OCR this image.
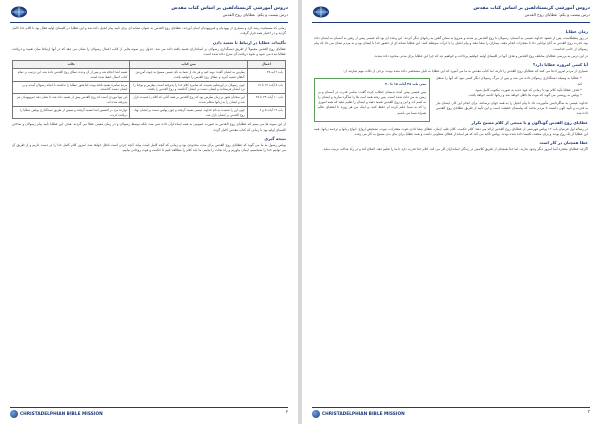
دروس آموزشی کریستادلفین بر اساس کتاب مقدس
درس بیست و یکم: عطایای روح القدس

زمانی که مسیحیت رشد کرد و بسیاری از یهودیان و غیریهودیان ایمان آوردند، عطایای روح القدس به عنوان نشانه ای برای تأیید پیام انجیل داده شد و این عطایا در کلیسای اولیه فعال بود تا کلام خدا کامل گردید و در اختیار همه قرار گرفت.

تأکیدات عطایا در ارتباط با تعمید دادن

عطایای روح القدس معمولاً از طریق دستگذاری رسولان بر ایمانداران تعمید یافته داده می شد. جدول زیر نمونه هایی از کتاب اعمال رسولان را نشان می دهد که در آنها ارتباط میان تعمید و دریافت عطایا دیده می شود و نحوه دریافت آن شرح داده شده است.

اعمال	متن کتاب	نکات
باب ۲ آیه ۳۸	پطرس به ایشان گفت: توبه کنید و هر یک از شما به نام عیسی مسیح به جهت آمرزش گناهان تعمید گیرید و عطای روح القدس را خواهید یافت.	تعمید ابتدا انجام شد و پس از آن وعده عطای روح القدس داده شد. این ترتیب در تمام کتاب اعمال حفظ شده است.
باب ۸ آیات ۱۴ تا ۱۷	چون رسولان در اورشلیم شنیدند که سامره کلام خدا را پذیرفته است، پطرس و یوحنا را نزد ایشان فرستادند و ایشان دست بر ایشان گذاشتند و روح القدس را یافتند.	مردم سامره تعمید یافته بودند اما هنوز عطایا را نداشتند تا اینکه رسولان آمدند و بر ایشان دست گذاشتند.
باب ۱۰ آیات ۴۴ تا ۴۸	این سخنان هنوز بر زبان پطرس بود که روح القدس بر همه آنانی که کلام را شنیدند نازل شد و ایشان را به زبانها متکلم شدند.	این تنها موردی است که روح القدس پیش از تعمید داده شد تا نشان دهد غیریهودیان نیز پذیرفته شده اند.
باب ۱۹ آیات ۵ و ۶	چون این را شنیدند به نام خداوند عیسی تعمید گرفتند و چون پولس دست بر ایشان نهاد روح القدس بر ایشان نازل شد.	دوازده مرد در افسس ابتدا تعمید گرفتند و سپس از طریق دستگذاری پولس عطایا را دریافت کردند.

از این نمونه ها می بینیم که عطایای روح القدس به صورت عمومی به همه ایمانداران داده نمی شد، بلکه توسط رسولان و در زمان معینی عطا می گردید. هدف این عطایا تأیید پیام رسولان و ساختن کلیسای اولیه بود تا زمانی که کتاب مقدس کامل گردد.

نتیجه گیری

پولس رسول به ما می گوید که عطایای روح القدس برای مدت محدودی بود و زمانی که آنچه کامل است بیاید، آنچه جزئی است باطل خواهد شد. امروز کلام کامل خدا را در دست داریم و از طریق آن می توانیم خدا را بشناسیم، ایمان بیاوریم و راه نجات را بیابیم. ما باید کلام را مطالعه کنیم تا حکمت و قوت روحانی بیابیم.

CHRISTADELPHIAN BIBLE MISSION	۲
دروس آموزشی کریستادلفین بر اساس کتاب مقدس
درس بیست و یکم: عطایای روح القدس
زمان عطایا

در روز پنطیکاست، پس از صعود خداوند عیسی به آسمان، رسولان با روح القدس پر شدند و شروع به سخن گفتن به زبانهای دیگر کردند. این وعده ای بود که عیسی پیش از رفتن به آسمان به ایشان داده بود. قدرت روح القدس به آنان توانایی داد تا معجزات انجام دهند، بیماران را شفا دهند و پیام انجیل را با جرأت موعظه کنند. این عطایا نشانه ای از حضور خدا با ایشان بود و به مردم نشان می داد که پیام رسولان از جانب خداست.

در این درس به بررسی عطایای مختلف روح القدس و هدف آنها در کلیسای اولیه خواهیم پرداخت و خواهیم دید که چرا این عطایا برای مدتی محدود داده شدند.

آیا کسی امروزه عطایا دارد؟

بسیاری از مردم امروز ادعا می کنند که عطایای روح القدس را دارند، اما کتاب مقدس به ما می آموزد که این عطایا به دلیل مشخصی داده شده بودند. برخی از نکات مهم عبارتند از:

متی باب ۲۸ آیات ۱۸ تا ۲۰

پس عیسی پیش آمده بدیشان خطاب کرده گفت: تمامی قدرت در آسمان و بر زمین به من داده شده است. پس رفته همه امت ها را شاگرد سازید و ایشان را به اسم اب و ابن و روح القدس تعمید دهید و ایشان را تعلیم دهید که همه اموری را که به شما حکم کرده ام حفظ کنند. و اینک من هر روزه تا انقضای عالم همراه شما می باشم.

• عطایا به وسیله دستگذاری رسولان داده می شد و پس از مرگ رسولان دیگر کسی نبود که آنها را منتقل کند.

• هدف عطایا تأیید کلام بود تا زمانی که عهد جدید به صورت مکتوب کامل شود.

• پولس به روشنی می گوید که نبوت ها باطل خواهد شد و زبانها خاتمه خواهد یافت.

خداوند عیسی به شاگردانش مأموریت داد تا پیام انجیل را به همه جهان برسانند. برای انجام این کار، ایشان نیاز به قدرت و تأیید الهی داشتند تا مردم بدانند که پیامشان حقیقت است و این تأیید از طریق عطایای روح القدس داده شد.

عطایای روح القدس گوناگون و با منبعی از کلام مسیح تکرار

در رساله اول قرنتیان باب ۱۲ پولس فهرستی از عطایای روح القدس ارائه می دهد: کلام حکمت، کلام علم، ایمان، عطای شفا دادن، قوت معجزات، نبوت، تشخیص ارواح، انواع زبانها و ترجمه زبانها. همه این عطایا از یک روح بودند و برای منفعت کلیسا داده شده بودند. پولس تأکید می کند که هر ایماندار عطای متفاوتی داشت و همه عطایا برای بنای بدن مسیح به کار می رفت.

عطا همچنان در کار است

اگرچه عطایای معجزه آسا امروز دیگر وجود ندارند، اما خدا همچنان از طریق کلامش در زندگی ایمانداران کار می کند. کلام خدا قدرت دارد تا ما را تعلیم دهد، اصلاح کند و در راه عدالت تربیت نماید.

CHRISTADELPHIAN BIBLE MISSION	۳
